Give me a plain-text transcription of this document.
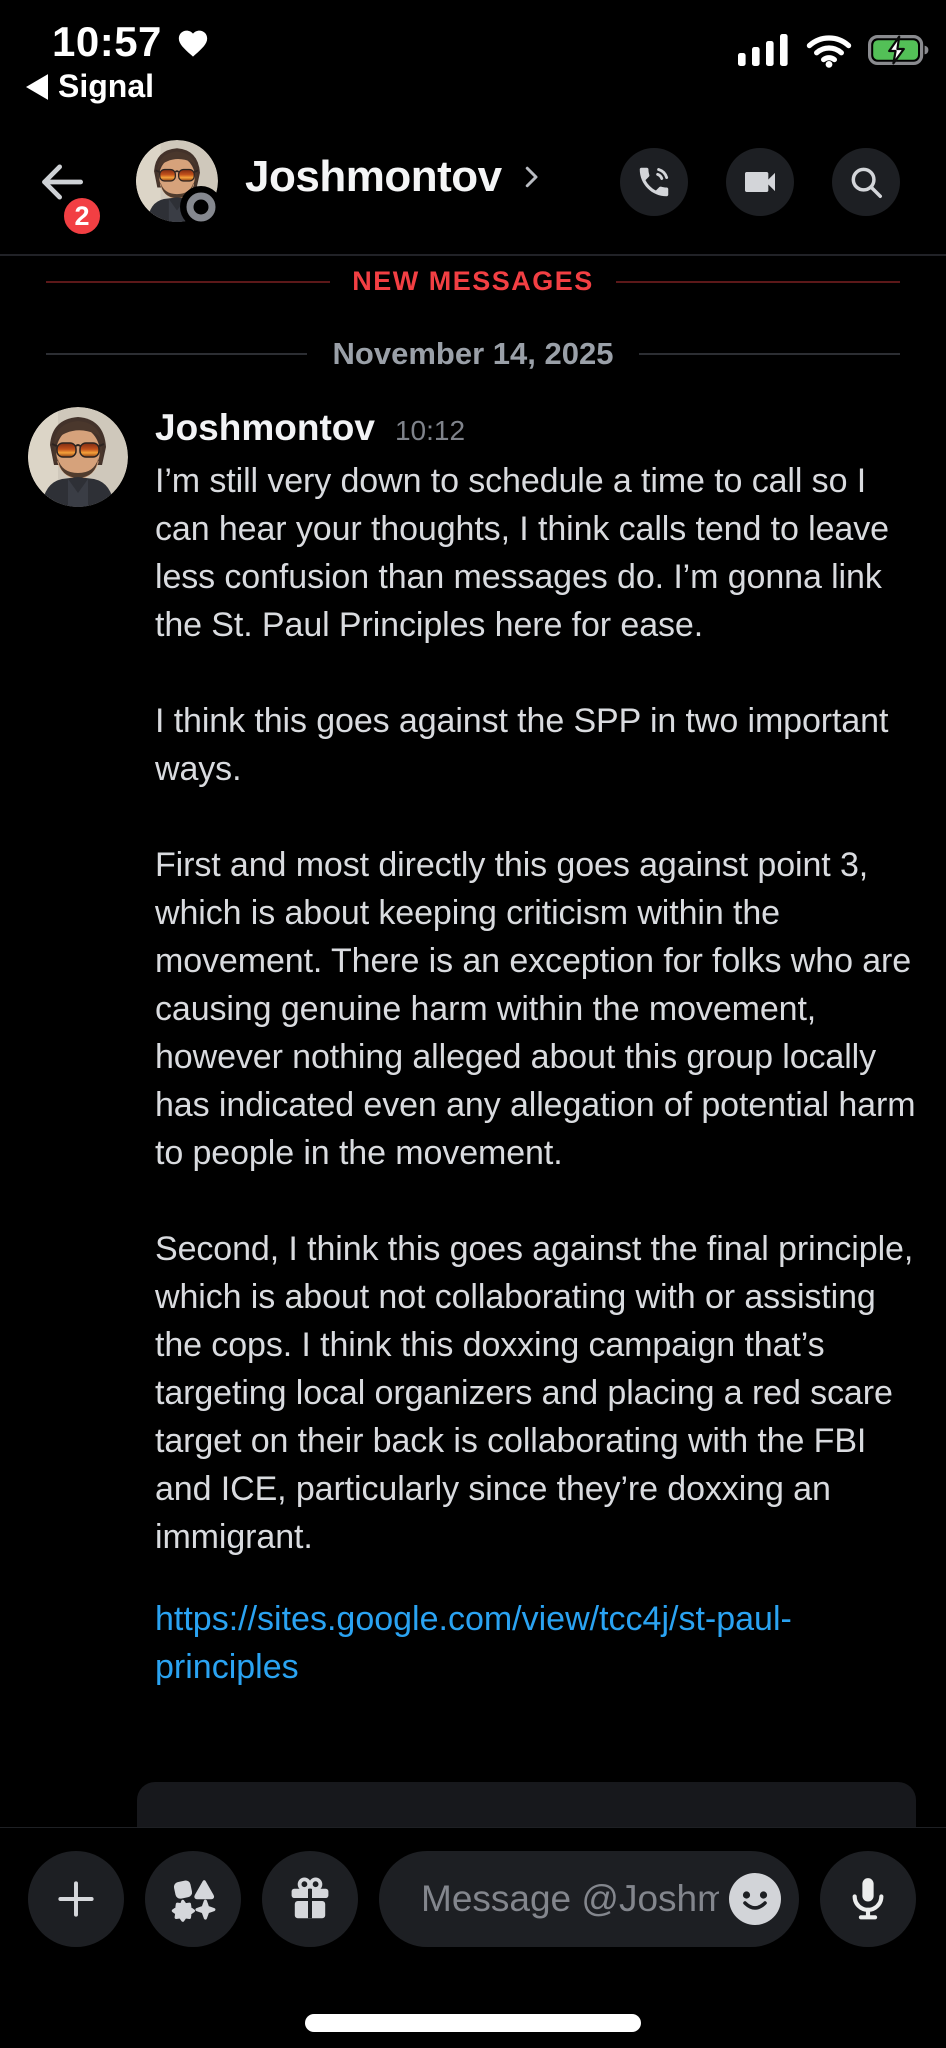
10:57
Signal
2
Joshmontov
NEW MESSAGES
November 14, 2025
Joshmontov 10:12

I’m still very down to schedule a time to call so I can hear your thoughts, I think calls tend to leave less confusion than messages do. I’m gonna link the St. Paul Principles here for ease.

I think this goes against the SPP in two important ways.

First and most directly this goes against point 3, which is about keeping criticism within the movement. There is an exception for folks who are causing genuine harm within the movement, however nothing alleged about this group locally has indicated even any allegation of potential harm to people in the movement.

Second, I think this goes against the final principle, which is about not collaborating with or assisting the cops. I think this doxxing campaign that’s targeting local organizers and placing a red scare target on their back is collaborating with the FBI and ICE, particularly since they’re doxxing an immigrant.

https://sites.google.com/view/tcc4j/st-paul-principles
Message @Joshm..
